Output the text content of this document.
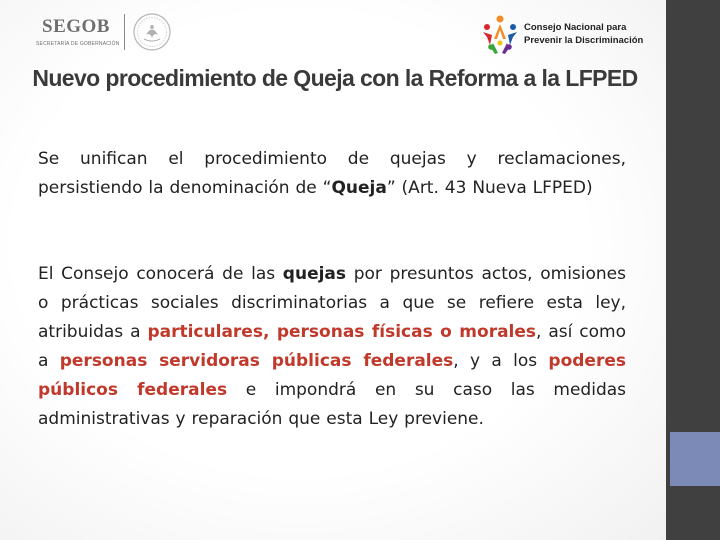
SEGOB
SECRETARÍA DE GOBERNACIÓN
Consejo Nacional para
Prevenir la Discriminación
Nuevo procedimiento de Queja con la Reforma a la LFPED
Se unifican el procedimiento de quejas y reclamaciones, persistiendo la denominación de “Queja” (Art. 43 Nueva LFPED)
El Consejo conocerá de las quejas por presuntos actos, omisiones o prácticas sociales discriminatorias a que se refiere esta ley, atribuidas a particulares, personas físicas o morales, así como a personas servidoras públicas federales, y a los poderes públicos federales e impondrá en su caso las medidas administrativas y reparación que esta Ley previene.
